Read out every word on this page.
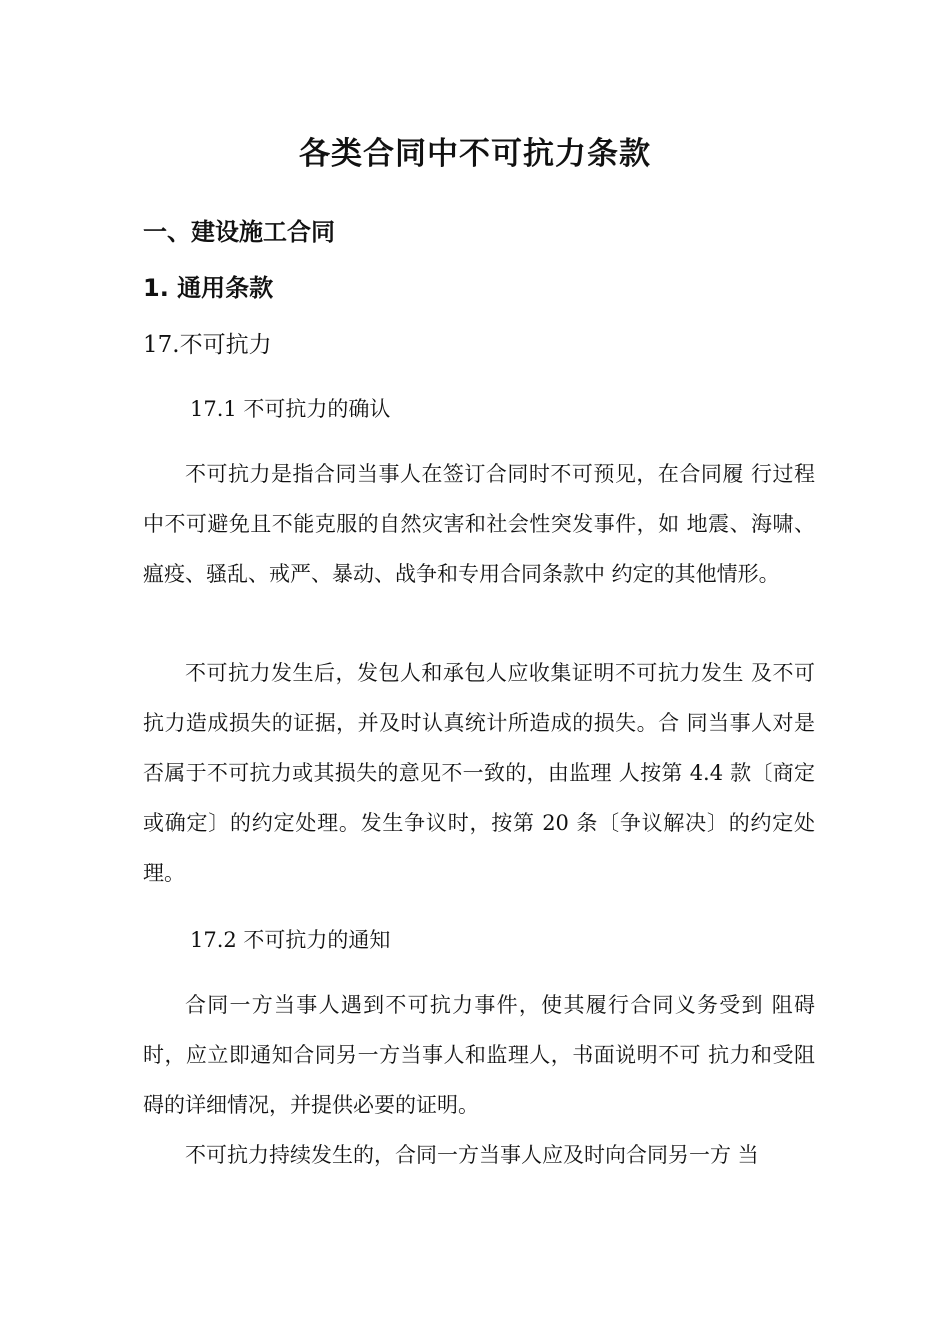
各类合同中不可抗力条款
一、建设施工合同
1. 通用条款
17.不可抗力
17.1 不可抗力的确认

不可抗力是指合同当事人在签订合同时不可预见，在合同履 行过程中不可避免且不能克服的自然灾害和社会性突发事件，如 地震、海啸、瘟疫、骚乱、戒严、暴动、战争和专用合同条款中 约定的其他情形。

不可抗力发生后，发包人和承包人应收集证明不可抗力发生 及不可抗力造成损失的证据，并及时认真统计所造成的损失。合 同当事人对是否属于不可抗力或其损失的意见不一致的，由监理 人按第 4.4 款〔商定或确定〕的约定处理。发生争议时，按第 20 条〔争议解决〕的约定处理。

17.2 不可抗力的通知

合同一方当事人遇到不可抗力事件，使其履行合同义务受到 阻碍时，应立即通知合同另一方当事人和监理人，书面说明不可 抗力和受阻碍的详细情况，并提供必要的证明。

不可抗力持续发生的，合同一方当事人应及时向合同另一方 当
